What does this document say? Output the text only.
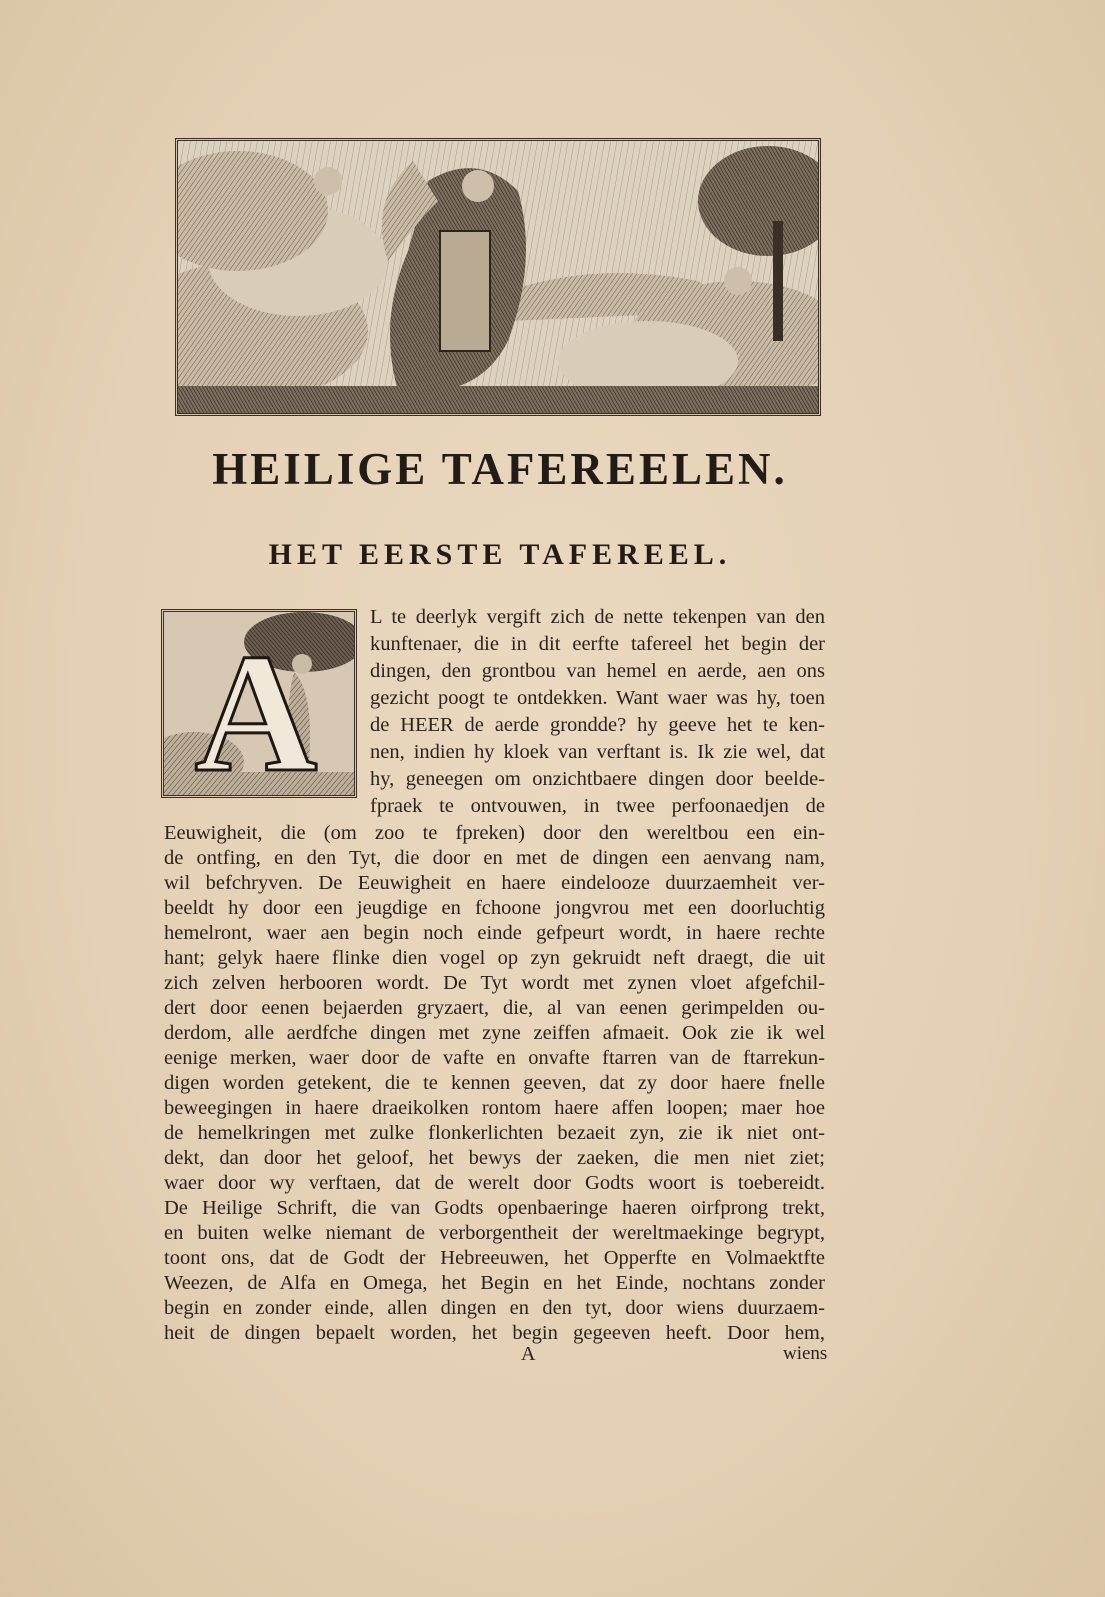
HEILIGE TAFEREELEN.
HET EERSTE TAFEREEL.
A
L te deerlyk vergift zich de nette tekenpen van den
kunftenaer, die in dit eerfte tafereel het begin der
dingen, den grontbou van hemel en aerde, aen ons
gezicht poogt te ontdekken. Want waer was hy, toen
de HEER de aerde grondde? hy geeve het te ken-
nen, indien hy kloek van verftant is. Ik zie wel, dat
hy, geneegen om onzichtbaere dingen door beelde-
fpraek te ontvouwen, in twee perfoonaedjen de
Eeuwigheit, die (om zoo te fpreken) door den wereltbou een ein-
de ontfing, en den Tyt, die door en met de dingen een aenvang nam,
wil befchryven. De Eeuwigheit en haere eindelooze duurzaemheit ver-
beeldt hy door een jeugdige en fchoone jongvrou met een doorluchtig
hemelront, waer aen begin noch einde gefpeurt wordt, in haere rechte
hant; gelyk haere flinke dien vogel op zyn gekruidt neft draegt, die uit
zich zelven herbooren wordt. De Tyt wordt met zynen vloet afgefchil-
dert door eenen bejaerden gryzaert, die, al van eenen gerimpelden ou-
derdom, alle aerdfche dingen met zyne zeiffen afmaeit. Ook zie ik wel
eenige merken, waer door de vafte en onvafte ftarren van de ftarrekun-
digen worden getekent, die te kennen geeven, dat zy door haere fnelle
beweegingen in haere draeikolken rontom haere affen loopen; maer hoe
de hemelkringen met zulke flonkerlichten bezaeit zyn, zie ik niet ont-
dekt, dan door het geloof, het bewys der zaeken, die men niet ziet;
waer door wy verftaen, dat de werelt door Godts woort is toebereidt.
De Heilige Schrift, die van Godts openbaeringe haeren oirfprong trekt,
en buiten welke niemant de verborgentheit der wereltmaekinge begrypt,
toont ons, dat de Godt der Hebreeuwen, het Opperfte en Volmaektfte
Weezen, de Alfa en Omega, het Begin en het Einde, nochtans zonder
begin en zonder einde, allen dingen en den tyt, door wiens duurzaem-
heit de dingen bepaelt worden, het begin gegeeven heeft. Door hem,
A	wiens
